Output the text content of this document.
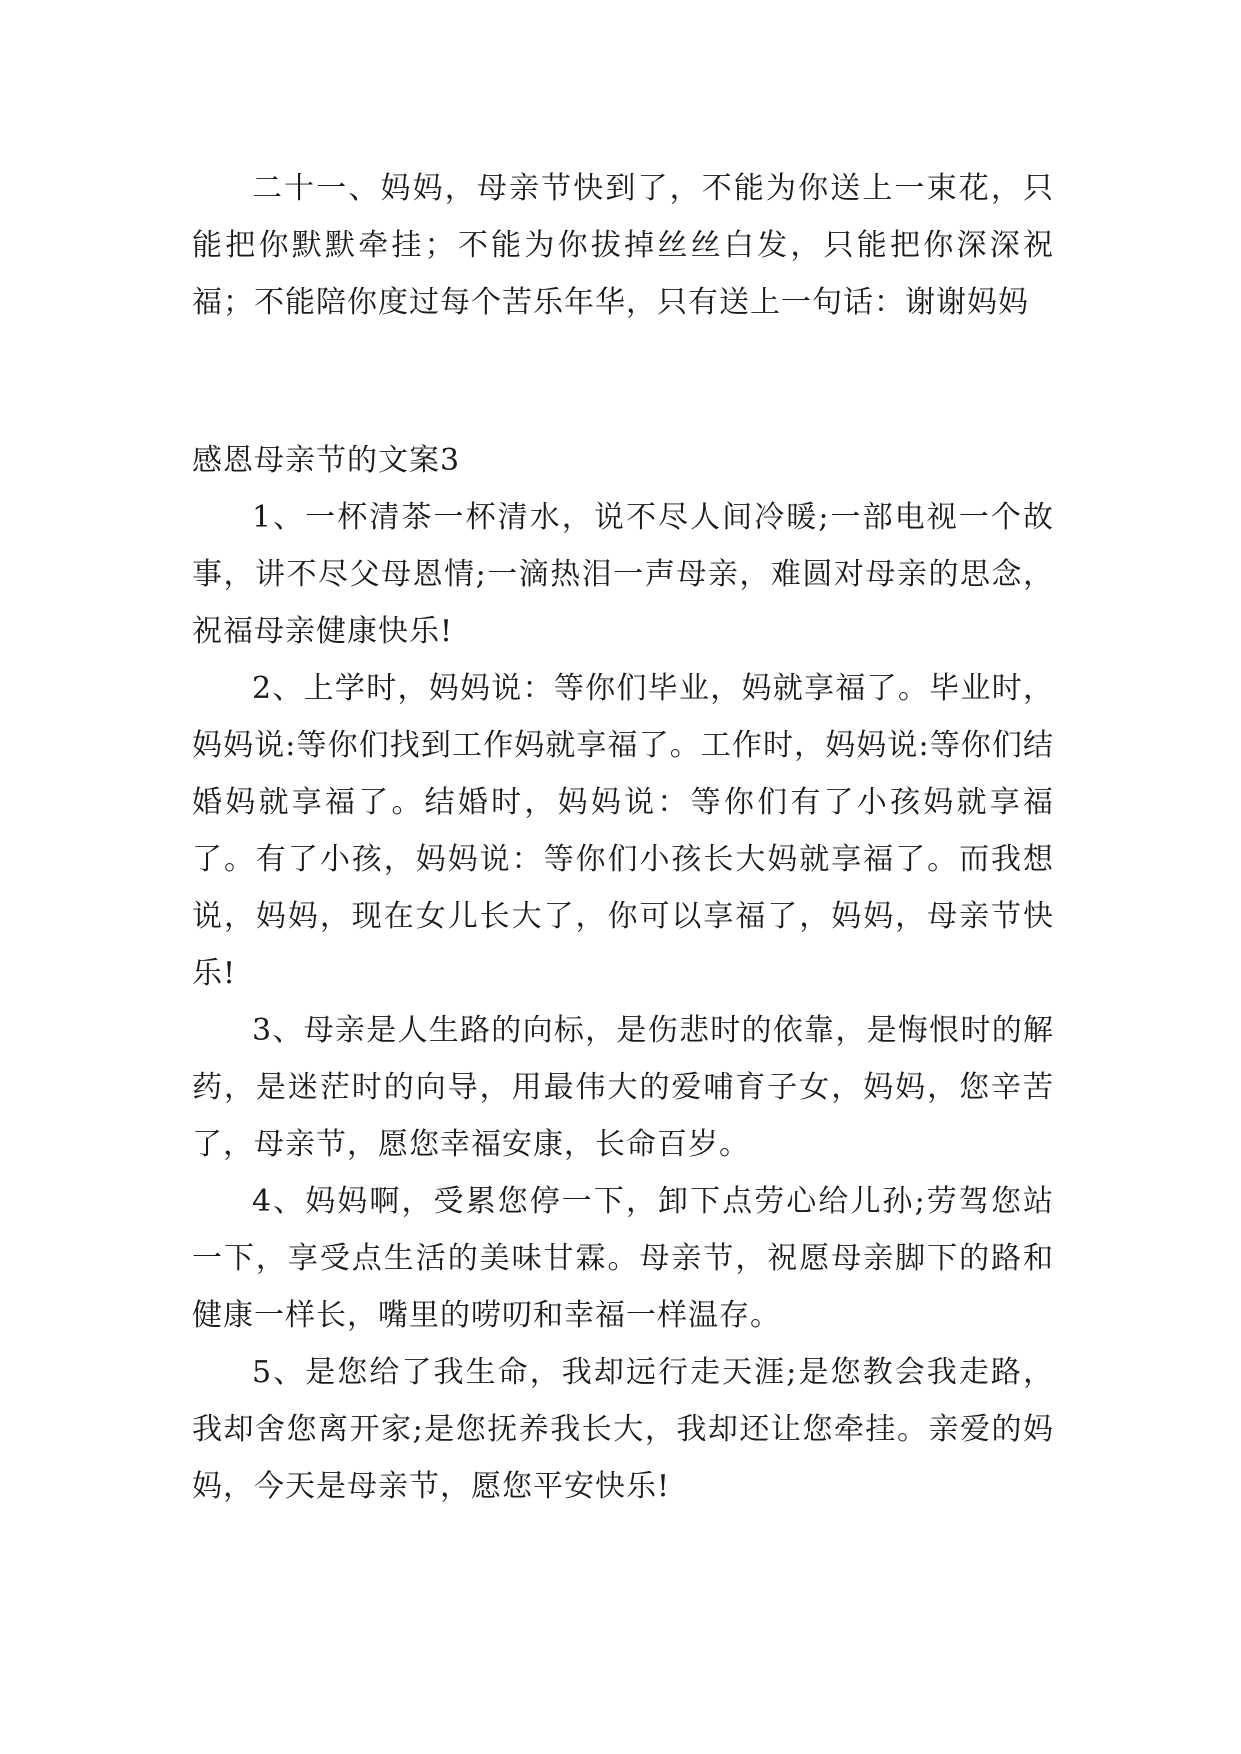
二十一、妈妈，母亲节快到了，不能为你送上一束花，只能把你默默牵挂；不能为你拔掉丝丝白发，只能把你深深祝福；不能陪你度过每个苦乐年华，只有送上一句话：谢谢妈妈

感恩母亲节的文案3

1、一杯清茶一杯清水，说不尽人间冷暖;一部电视一个故事，讲不尽父母恩情;一滴热泪一声母亲，难圆对母亲的思念，祝福母亲健康快乐!

2、上学时，妈妈说：等你们毕业，妈就享福了。毕业时，妈妈说:等你们找到工作妈就享福了。工作时，妈妈说:等你们结婚妈就享福了。结婚时，妈妈说：等你们有了小孩妈就享福了。有了小孩，妈妈说：等你们小孩长大妈就享福了。而我想说，妈妈，现在女儿长大了，你可以享福了，妈妈，母亲节快乐!

3、母亲是人生路的向标，是伤悲时的依靠，是悔恨时的解药，是迷茫时的向导，用最伟大的爱哺育子女，妈妈，您辛苦了，母亲节，愿您幸福安康，长命百岁。

4、妈妈啊，受累您停一下，卸下点劳心给儿孙;劳驾您站一下，享受点生活的美味甘霖。母亲节，祝愿母亲脚下的路和健康一样长，嘴里的唠叨和幸福一样温存。

5、是您给了我生命，我却远行走天涯;是您教会我走路，我却舍您离开家;是您抚养我长大，我却还让您牵挂。亲爱的妈妈，今天是母亲节，愿您平安快乐!
